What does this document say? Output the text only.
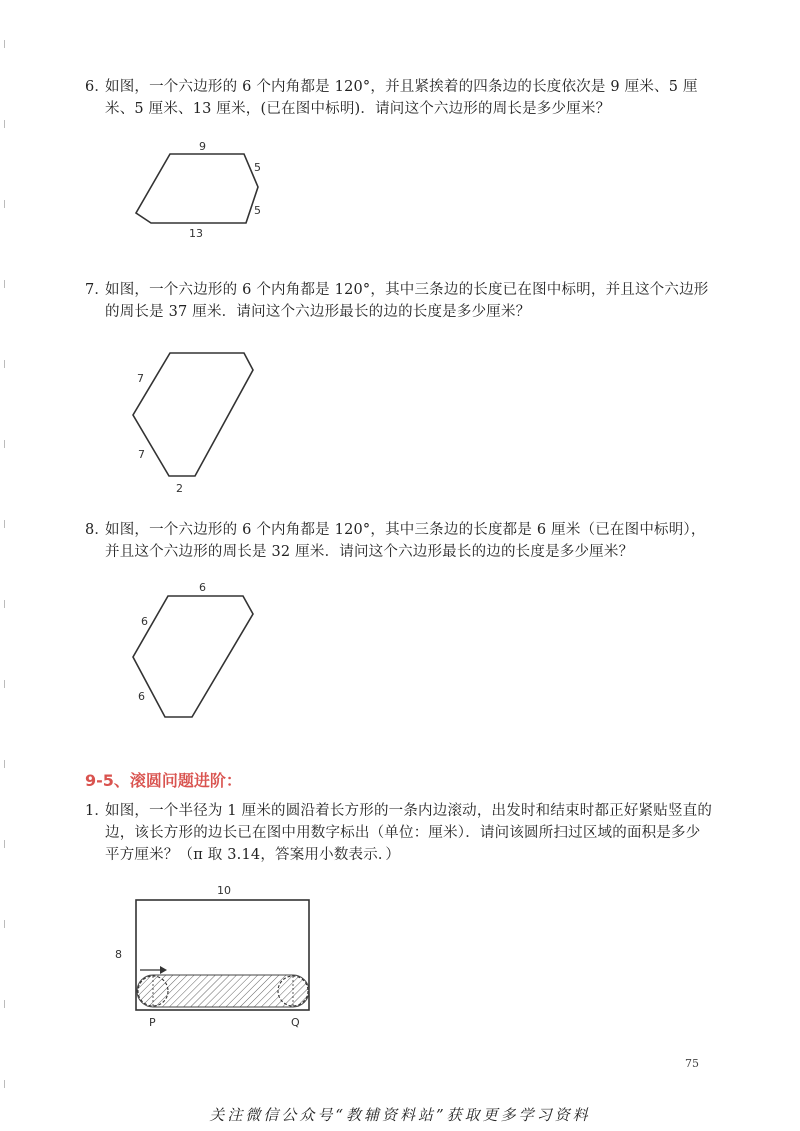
6．
如图，一个六边形的 6 个内角都是 120°，并且紧挨着的四条边的长度依次是 9 厘米、5 厘米、5 厘米、13 厘米，(已在图中标明)．请问这个六边形的周长是多少厘米？
9
5
5
13
7．
如图，一个六边形的 6 个内角都是 120°，其中三条边的长度已在图中标明，并且这个六边形的周长是 37 厘米．请问这个六边形最长的边的长度是多少厘米？
7
7
2
8．
如图，一个六边形的 6 个内角都是 120°，其中三条边的长度都是 6 厘米（已在图中标明），并且这个六边形的周长是 32 厘米．请问这个六边形最长的边的长度是多少厘米？
6
6
6
9-5、滚圆问题进阶：
1．
如图，一个半径为 1 厘米的圆沿着长方形的一条内边滚动，出发时和结束时都正好紧贴竖直的边，该长方形的边长已在图中用数字标出（单位：厘米）．请问该圆所扫过区域的面积是多少平方厘米？（π 取 3.14，答案用小数表示．）
10
8
P	Q
75
关注微信公众号“教辅资料站”获取更多学习资料
